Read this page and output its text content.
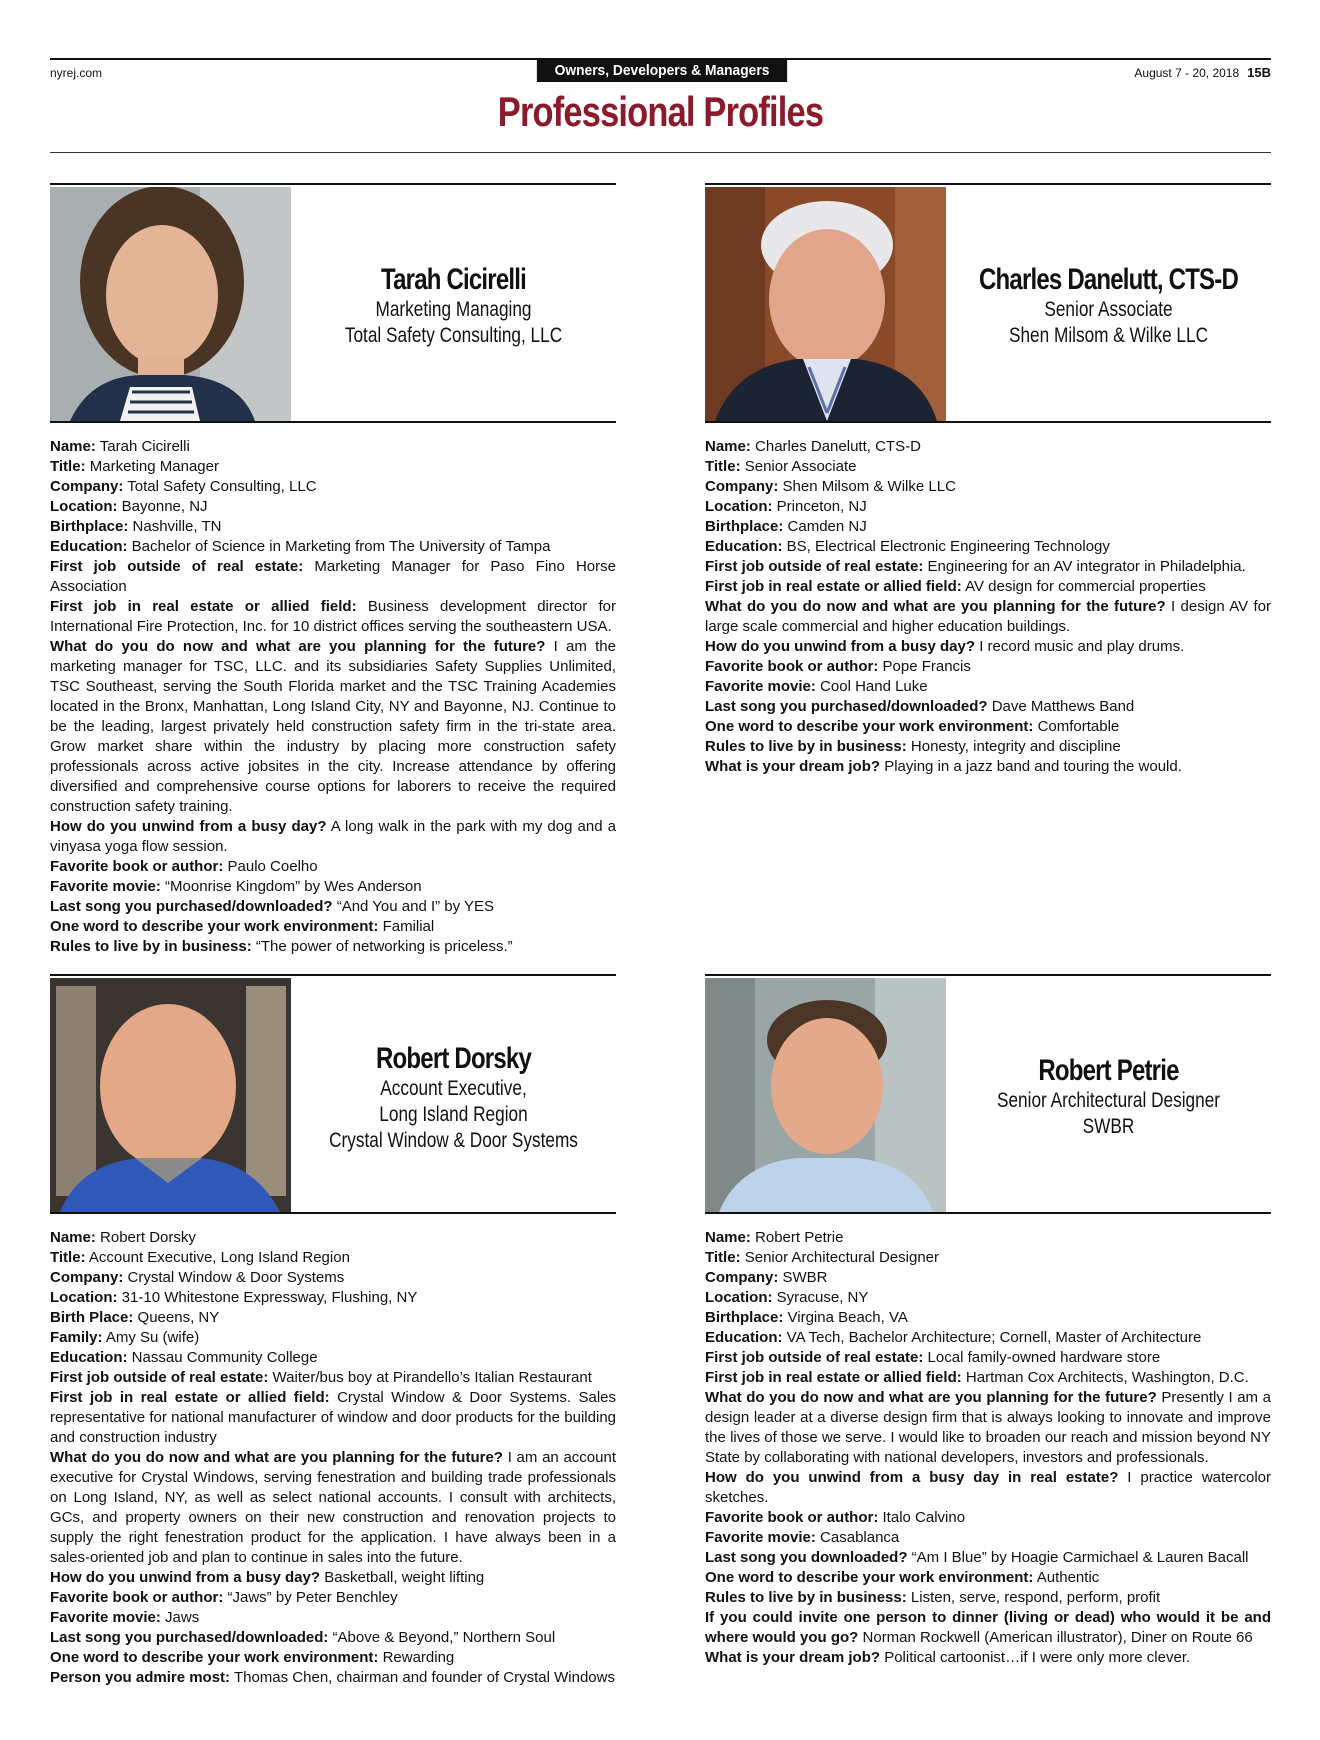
nyrej.com	Owners, Developers & Managers	August 7 - 20, 2018 15B
Professional Profiles
Tarah Cicirelli
Marketing Managing
Total Safety Consulting, LLC

Name: Tarah Cicirelli

Title: Marketing Manager

Company: Total Safety Consulting, LLC

Location: Bayonne, NJ

Birthplace: Nashville, TN

Education: Bachelor of Science in Marketing from The University of Tampa

First job outside of real estate: Marketing Manager for Paso Fino Horse Association

First job in real estate or allied field: Business development director for International Fire Protection, Inc. for 10 district offices serving the southeastern USA.

What do you do now and what are you planning for the future? I am the marketing manager for TSC, LLC. and its subsidiaries Safety Supplies Unlimited, TSC Southeast, serving the South Florida market and the TSC Training Academies located in the Bronx, Manhattan, Long Island City, NY and Bayonne, NJ. Continue to be the leading, largest privately held construction safety firm in the tri-state area. Grow market share within the industry by placing more construction safety professionals across active jobsites in the city. Increase attendance by offering diversified and comprehensive course options for laborers to receive the required construction safety training.

How do you unwind from a busy day? A long walk in the park with my dog and a vinyasa yoga flow session.

Favorite book or author: Paulo Coelho

Favorite movie: “Moonrise Kingdom” by Wes Anderson

Last song you purchased/downloaded? “And You and I” by YES

One word to describe your work environment: Familial

Rules to live by in business: “The power of networking is priceless.”

Charles Danelutt, CTS-D
Senior Associate
Shen Milsom & Wilke LLC

Name: Charles Danelutt, CTS-D

Title: Senior Associate

Company: Shen Milsom & Wilke LLC

Location: Princeton, NJ

Birthplace: Camden NJ

Education: BS, Electrical Electronic Engineering Technology

First job outside of real estate: Engineering for an AV integrator in Philadelphia.

First job in real estate or allied field: AV design for commercial properties

What do you do now and what are you planning for the future? I design AV for large scale commercial and higher education buildings.

How do you unwind from a busy day? I record music and play drums.

Favorite book or author: Pope Francis

Favorite movie: Cool Hand Luke

Last song you purchased/downloaded? Dave Matthews Band

One word to describe your work environment: Comfortable

Rules to live by in business: Honesty, integrity and discipline

What is your dream job? Playing in a jazz band and touring the would.

Robert Dorsky
Account Executive,
Long Island Region
Crystal Window & Door Systems

Name: Robert Dorsky

Title: Account Executive, Long Island Region

Company: Crystal Window & Door Systems

Location: 31-10 Whitestone Expressway, Flushing, NY

Birth Place: Queens, NY

Family: Amy Su (wife)

Education: Nassau Community College

First job outside of real estate: Waiter/bus boy at Pirandello’s Italian Restaurant

First job in real estate or allied field: Crystal Window & Door Systems. Sales representative for national manufacturer of window and door products for the building and construction industry

What do you do now and what are you planning for the future? I am an account executive for Crystal Windows, serving fenestration and building trade professionals on Long Island, NY, as well as select national accounts. I consult with architects, GCs, and property owners on their new construction and renovation projects to supply the right fenestration product for the application. I have always been in a sales-oriented job and plan to continue in sales into the future.

How do you unwind from a busy day? Basketball, weight lifting

Favorite book or author: “Jaws” by Peter Benchley

Favorite movie: Jaws

Last song you purchased/downloaded: “Above & Beyond,” Northern Soul

One word to describe your work environment: Rewarding

Person you admire most: Thomas Chen, chairman and founder of Crystal Windows

Robert Petrie
Senior Architectural Designer
SWBR

Name: Robert Petrie

Title: Senior Architectural Designer

Company: SWBR

Location: Syracuse, NY

Birthplace: Virgina Beach, VA

Education: VA Tech, Bachelor Architecture; Cornell, Master of Architecture

First job outside of real estate: Local family-owned hardware store

First job in real estate or allied field: Hartman Cox Architects, Washington, D.C.

What do you do now and what are you planning for the future? Presently I am a design leader at a diverse design firm that is always looking to innovate and improve the lives of those we serve. I would like to broaden our reach and mission beyond NY State by collaborating with national developers, investors and professionals.

How do you unwind from a busy day in real estate? I practice watercolor sketches.

Favorite book or author: Italo Calvino

Favorite movie: Casablanca

Last song you downloaded? “Am I Blue” by Hoagie Carmichael & Lauren Bacall

One word to describe your work environment: Authentic

Rules to live by in business: Listen, serve, respond, perform, profit

If you could invite one person to dinner (living or dead) who would it be and where would you go? Norman Rockwell (American illustrator), Diner on Route 66

What is your dream job? Political cartoonist…if I were only more clever.
